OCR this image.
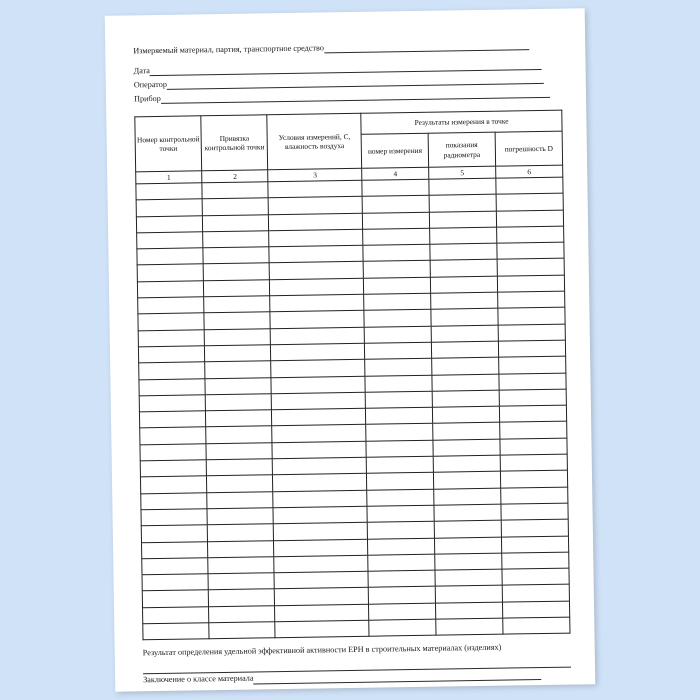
Измеряемый материал, партия, транспортное средство
Дата
Оператор
Прибор
Номер контрольной точки	Привязка контрольной точки	Условия измерений, С, влажность воздуха	Результаты измерения в точке		
			номер измерения	показания радиометра	погрешность D
1	2	3	4	5	6

Результат определения удельной эффективной активности ЕРН в строительных материалах (изделиях)
Заключение о классе материала
